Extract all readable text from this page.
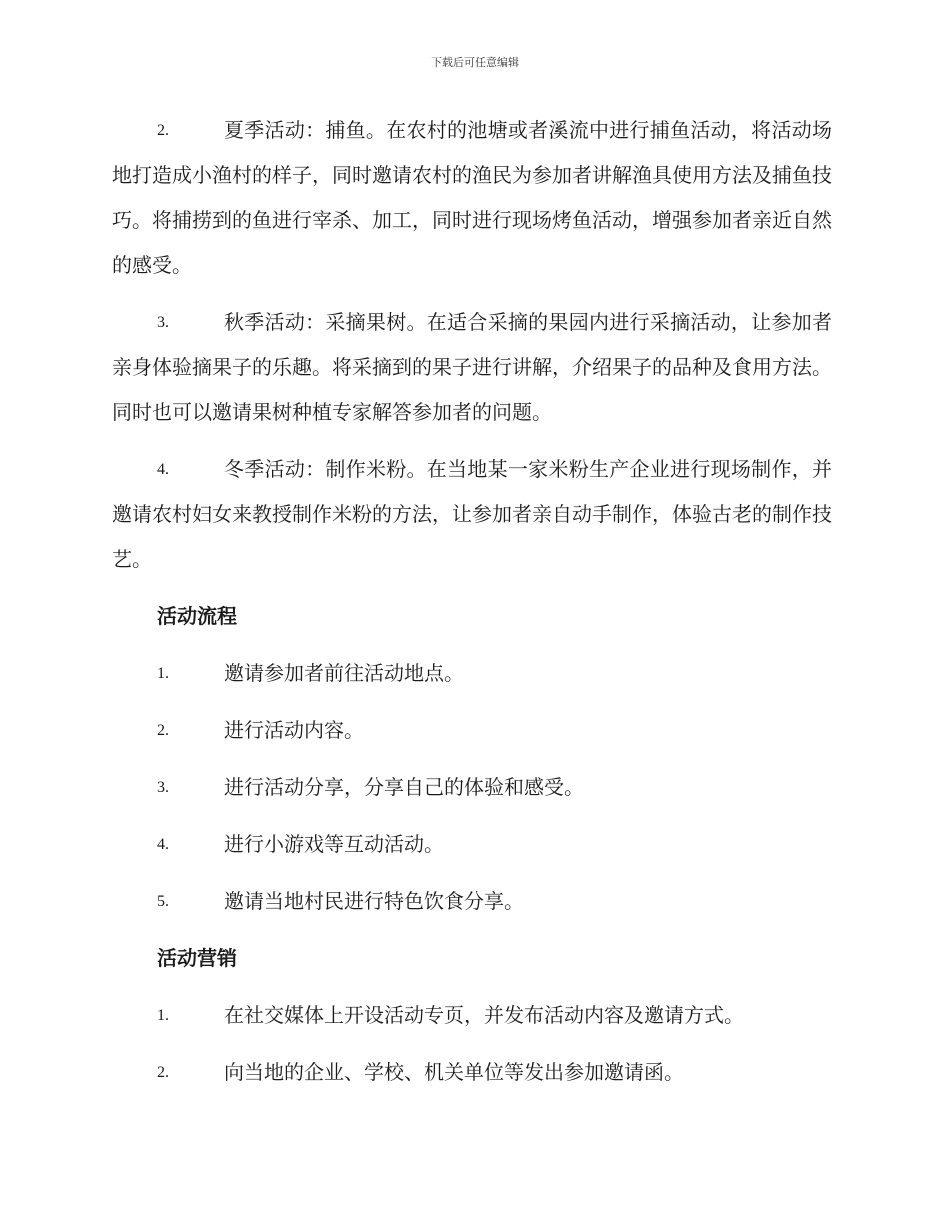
下载后可任意编辑
2.	夏季活动：捕鱼。在农村的池塘或者溪流中进行捕鱼活动，将活动场地打造成小渔村的样子，同时邀请农村的渔民为参加者讲解渔具使用方法及捕鱼技巧。将捕捞到的鱼进行宰杀、加工，同时进行现场烤鱼活动，增强参加者亲近自然的感受。
3.	秋季活动：采摘果树。在适合采摘的果园内进行采摘活动，让参加者亲身体验摘果子的乐趣。将采摘到的果子进行讲解，介绍果子的品种及食用方法。同时也可以邀请果树种植专家解答参加者的问题。
4.	冬季活动：制作米粉。在当地某一家米粉生产企业进行现场制作，并邀请农村妇女来教授制作米粉的方法，让参加者亲自动手制作，体验古老的制作技艺。
活动流程
1.	邀请参加者前往活动地点。
2.	进行活动内容。
3.	进行活动分享，分享自己的体验和感受。
4.	进行小游戏等互动活动。
5.	邀请当地村民进行特色饮食分享。
活动营销
1.	在社交媒体上开设活动专页，并发布活动内容及邀请方式。
2.	向当地的企业、学校、机关单位等发出参加邀请函。
